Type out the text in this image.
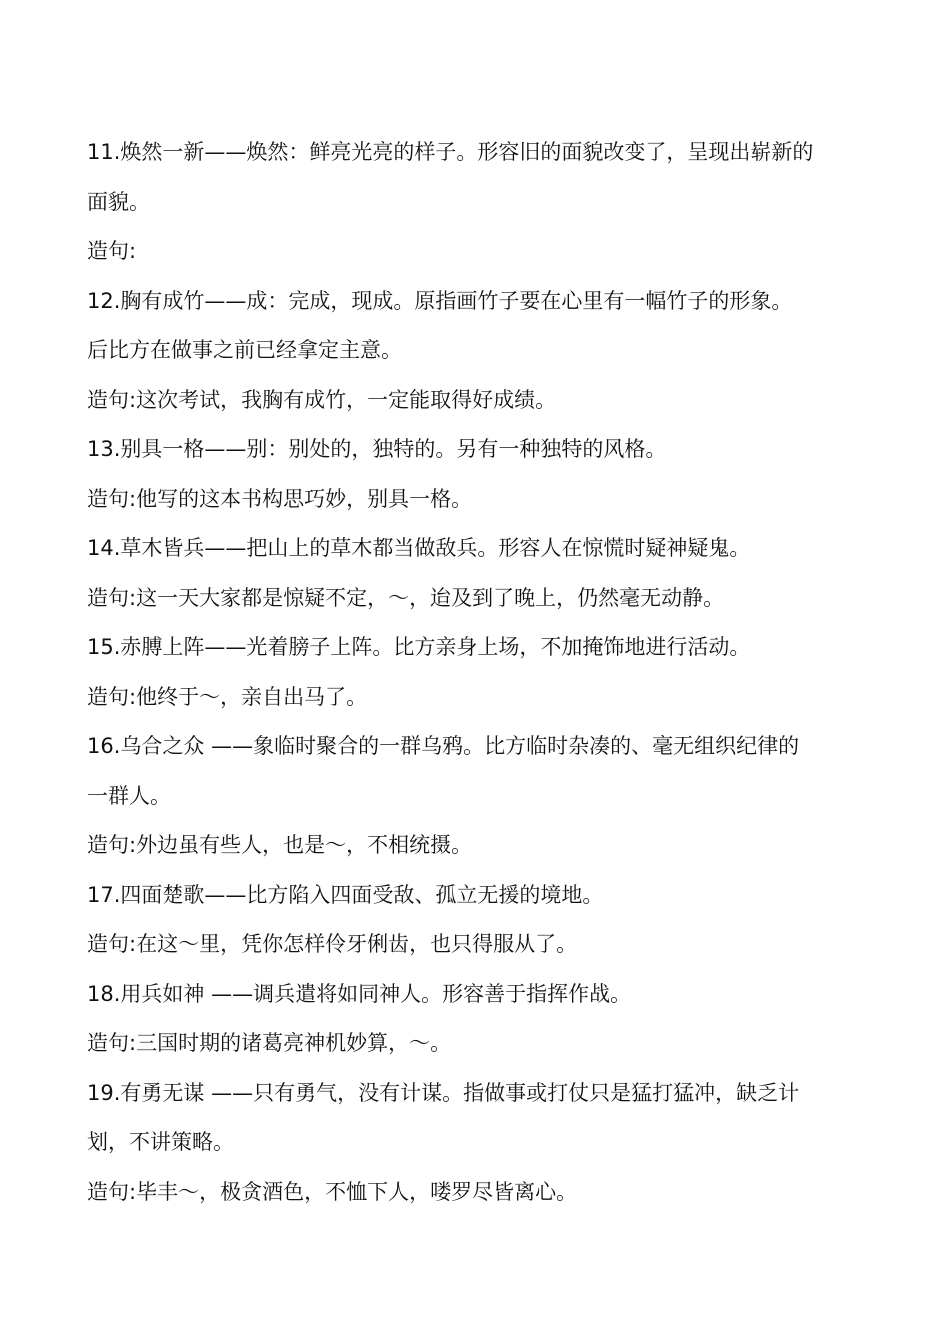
11.焕然一新——焕然：鲜亮光亮的样子。形容旧的面貌改变了，呈现出崭新的

面貌。

造句:

12.胸有成竹——成：完成，现成。原指画竹子要在心里有一幅竹子的形象。

后比方在做事之前已经拿定主意。

造句:这次考试，我胸有成竹，一定能取得好成绩。

13.别具一格——别：别处的，独特的。另有一种独特的风格。

造句:他写的这本书构思巧妙，别具一格。

14.草木皆兵——把山上的草木都当做敌兵。形容人在惊慌时疑神疑鬼。

造句:这一天大家都是惊疑不定，～，迨及到了晚上，仍然毫无动静。

15.赤膊上阵——光着膀子上阵。比方亲身上场，不加掩饰地进行活动。

造句:他终于～，亲自出马了。

16.乌合之众 ——象临时聚合的一群乌鸦。比方临时杂凑的、毫无组织纪律的

一群人。

造句:外边虽有些人，也是～，不相统摄。

17.四面楚歌——比方陷入四面受敌、孤立无援的境地。

造句:在这～里，凭你怎样伶牙俐齿，也只得服从了。

18.用兵如神 ——调兵遣将如同神人。形容善于指挥作战。

造句:三国时期的诸葛亮神机妙算，～。

19.有勇无谋 ——只有勇气，没有计谋。指做事或打仗只是猛打猛冲，缺乏计

划，不讲策略。

造句:毕丰～，极贪酒色，不恤下人，喽罗尽皆离心。
